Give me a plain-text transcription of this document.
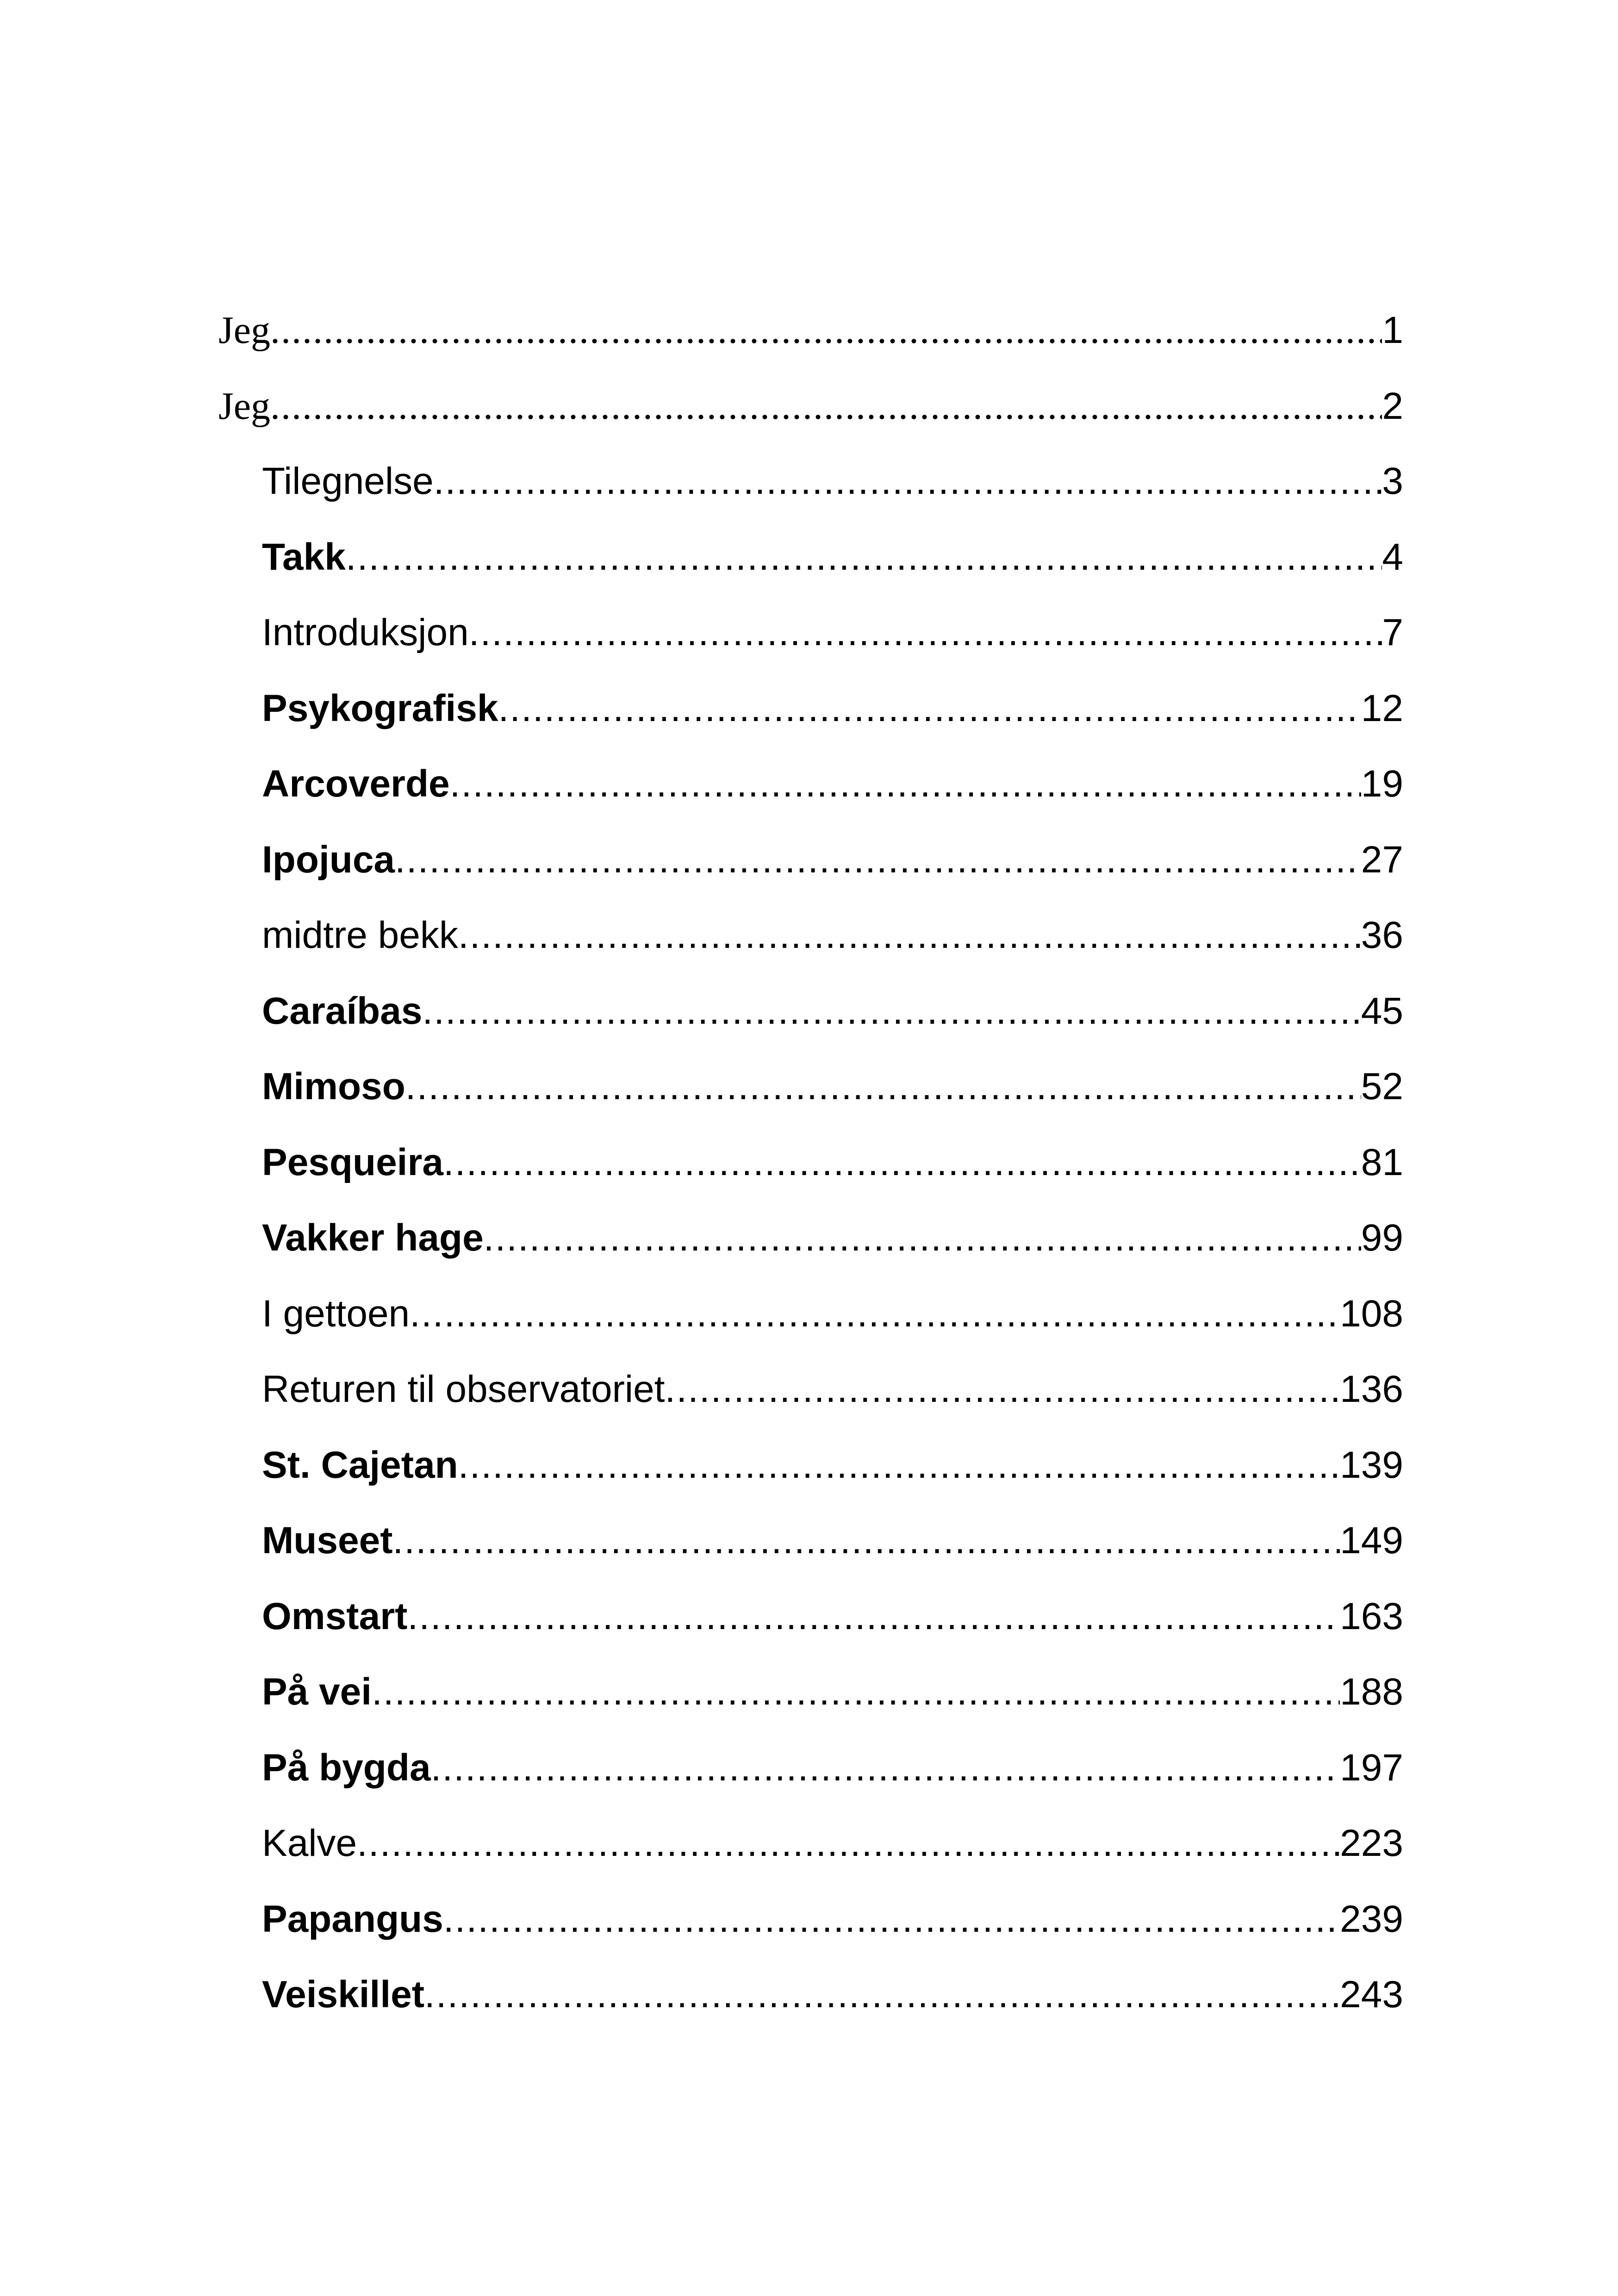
Jeg .....	1
Jeg .....	2
Tilegnelse .....	3
Takk .....	4
Introduksjon .....	7
Psykografisk .....	12
Arcoverde .....	19
Ipojuca .....	27
midtre bekk .....	36
Caraíbas .....	45
Mimoso .....	52
Pesqueira .....	81
Vakker hage .....	99
I gettoen .....	108
Returen til observatoriet .....	136
St. Cajetan .....	139
Museet .....	149
Omstart .....	163
På vei .....	188
På bygda .....	197
Kalve .....	223
Papangus .....	239
Veiskillet .....	243
